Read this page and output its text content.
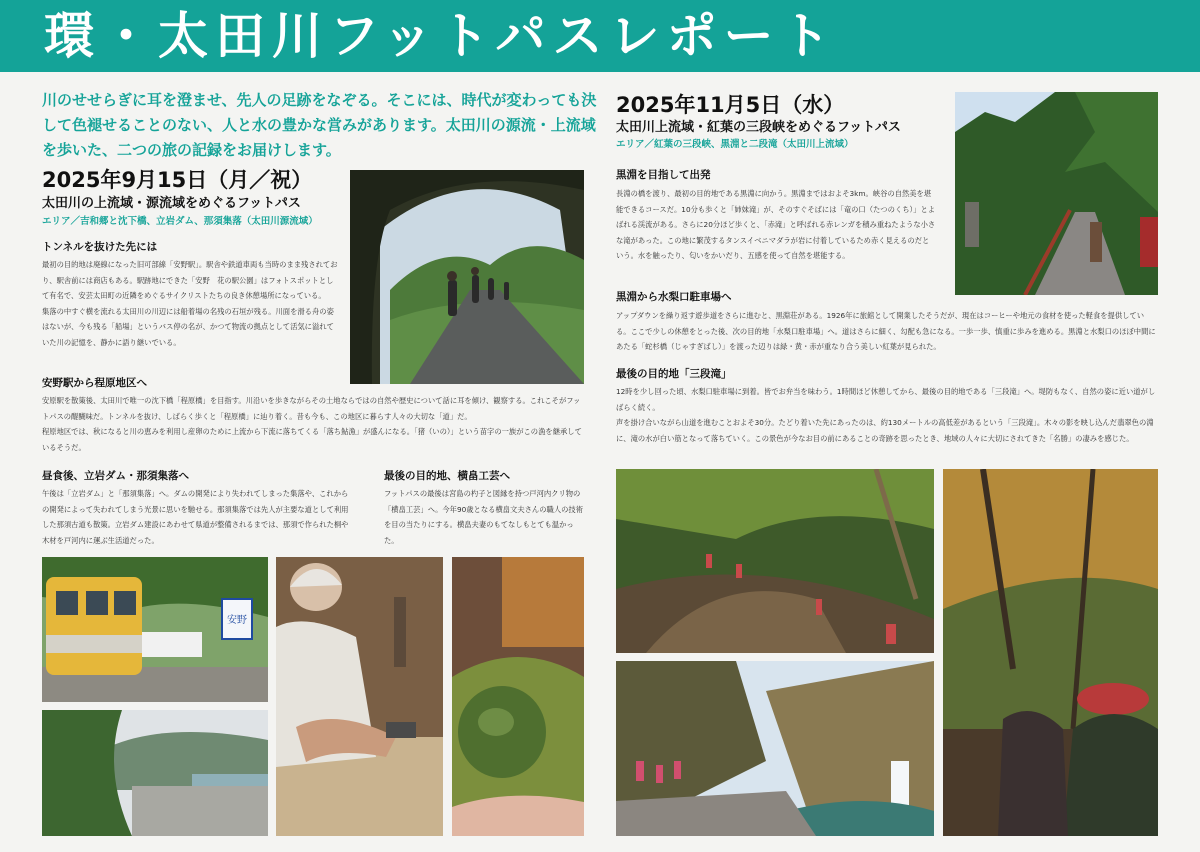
環・太田川フットパスレポート

川のせせらぎに耳を澄ませ、先人の足跡をなぞる。そこには、時代が変わっても決して色褪せることのない、人と水の豊かな営みがあります。太田川の源流・上流域を歩いた、二つの旅の記録をお届けします。

2025年9月15日（月／祝）
太田川の上流域・源流域をめぐるフットパス
エリア／吉和郷と沈下橋、立岩ダム、那須集落（太田川源流域）
トンネルを抜けた先には

最初の目的地は廃線になった旧可部線「安野駅」。駅舎や鉄道車両も当時のまま残されており、駅舎前には商店もある。駅跡地にできた「安野　花の駅公園」はフォトスポットとして有名で、安芸太田町の近隣をめぐるサイクリストたちの良き休憩場所になっている。
集落の中すぐ横を流れる太田川の川辺には船着場の名残の石垣が残る。川面を滑る舟の姿はないが、今も残る「船場」というバス停の名が、かつて物流の拠点として活気に溢れていた川の記憶を、静かに語り継いでいる。

安野駅から程原地区へ

安原駅を散策後、太田川で唯一の沈下橋「程原橋」を目指す。川沿いを歩きながらその土地ならではの自然や歴史について話に耳を傾け、観察する。これこそがフットパスの醍醐味だ。トンネルを抜け、しばらく歩くと「程原橋」に辿り着く。昔も今も、この地区に暮らす人々の大切な「道」だ。
程原地区では、秋になると川の恵みを利用し産卵のために上流から下流に落ちてくる「落ち鮎漁」が盛んになる。「猪（いの）」という苗字の一族がこの漁を継承しているそうだ。

昼食後、立岩ダム・那須集落へ

午後は「立岩ダム」と「那須集落」へ。ダムの開発により失われてしまった集落や、これからの開発によって失われてしまう光景に思いを馳せる。那須集落では先人が主要な道として利用した那須古道も散策。立岩ダム建設にあわせて県道が整備されるまでは、那須で作られた桐や木材を戸河内に運ぶ生活道だった。

最後の目的地、横畠工芸へ

フットパスの最後は宮島の杓子と図縁を持つ戸河内クリ物の「横畠工芸」へ。今年90歳となる横畠文夫さんの職人の技術を目の当たりにする。横畠夫妻のもてなしもとても温かった。

2025年11月5日（水）
太田川上流域・紅葉の三段峡をめぐるフットパス
エリア／紅葉の三段峡、黒淵と二段滝（太田川上流域）
黒淵を目指して出発

長淵の橋を渡り、最初の目的地である黒淵に向かう。黒淵まではおよそ3km。峡谷の自然美を堪能できるコースだ。10分も歩くと「姉妹滝」が、そのすぐそばには「竜の口（たつのくち）」とよばれる渓流がある。さらに20分ほど歩くと、「赤滝」と呼ばれる赤レンガを積み重ねたような小さな滝があった。この地に繁茂するタンスイベニマダラが岩に付着しているため赤く見えるのだという。水を触ったり、匂いをかいだり、五感を使って自然を堪能する。

黒淵から水梨口駐車場へ

アップダウンを繰り返す遊歩道をさらに進むと、黒淵荘がある。1926年に旅館として開業したそうだが、現在はコーヒーや地元の食材を使った軽食を提供している。ここで少しの休憩をとった後、次の目的地「水梨口駐車場」へ。道はさらに細く、勾配も急になる。一歩一歩、慎重に歩みを進める。黒淵と水梨口のほぼ中間にあたる「蛇杉橋（じゃすぎばし）」を渡った辺りは緑・黄・赤が重なり合う美しい紅葉が見られた。

最後の目的地「三段滝」

12時を少し回った頃、水梨口駐車場に到着。皆でお弁当を味わう。1時間ほど休憩してから、最後の目的地である「三段滝」へ。堤防もなく、自然の姿に近い道がしばらく続く。
声を掛け合いながら山道を進むことおよそ30分。たどり着いた先にあったのは、約130メートルの高低差があるという「三段滝」。木々の影を映し込んだ翡翠色の淵に、滝の水が白い筋となって落ちていく。この景色が今なお目の前にあることの奇跡を思ったとき、地域の人々に大切にされてきた「名勝」の凄みを感じた。

安野
